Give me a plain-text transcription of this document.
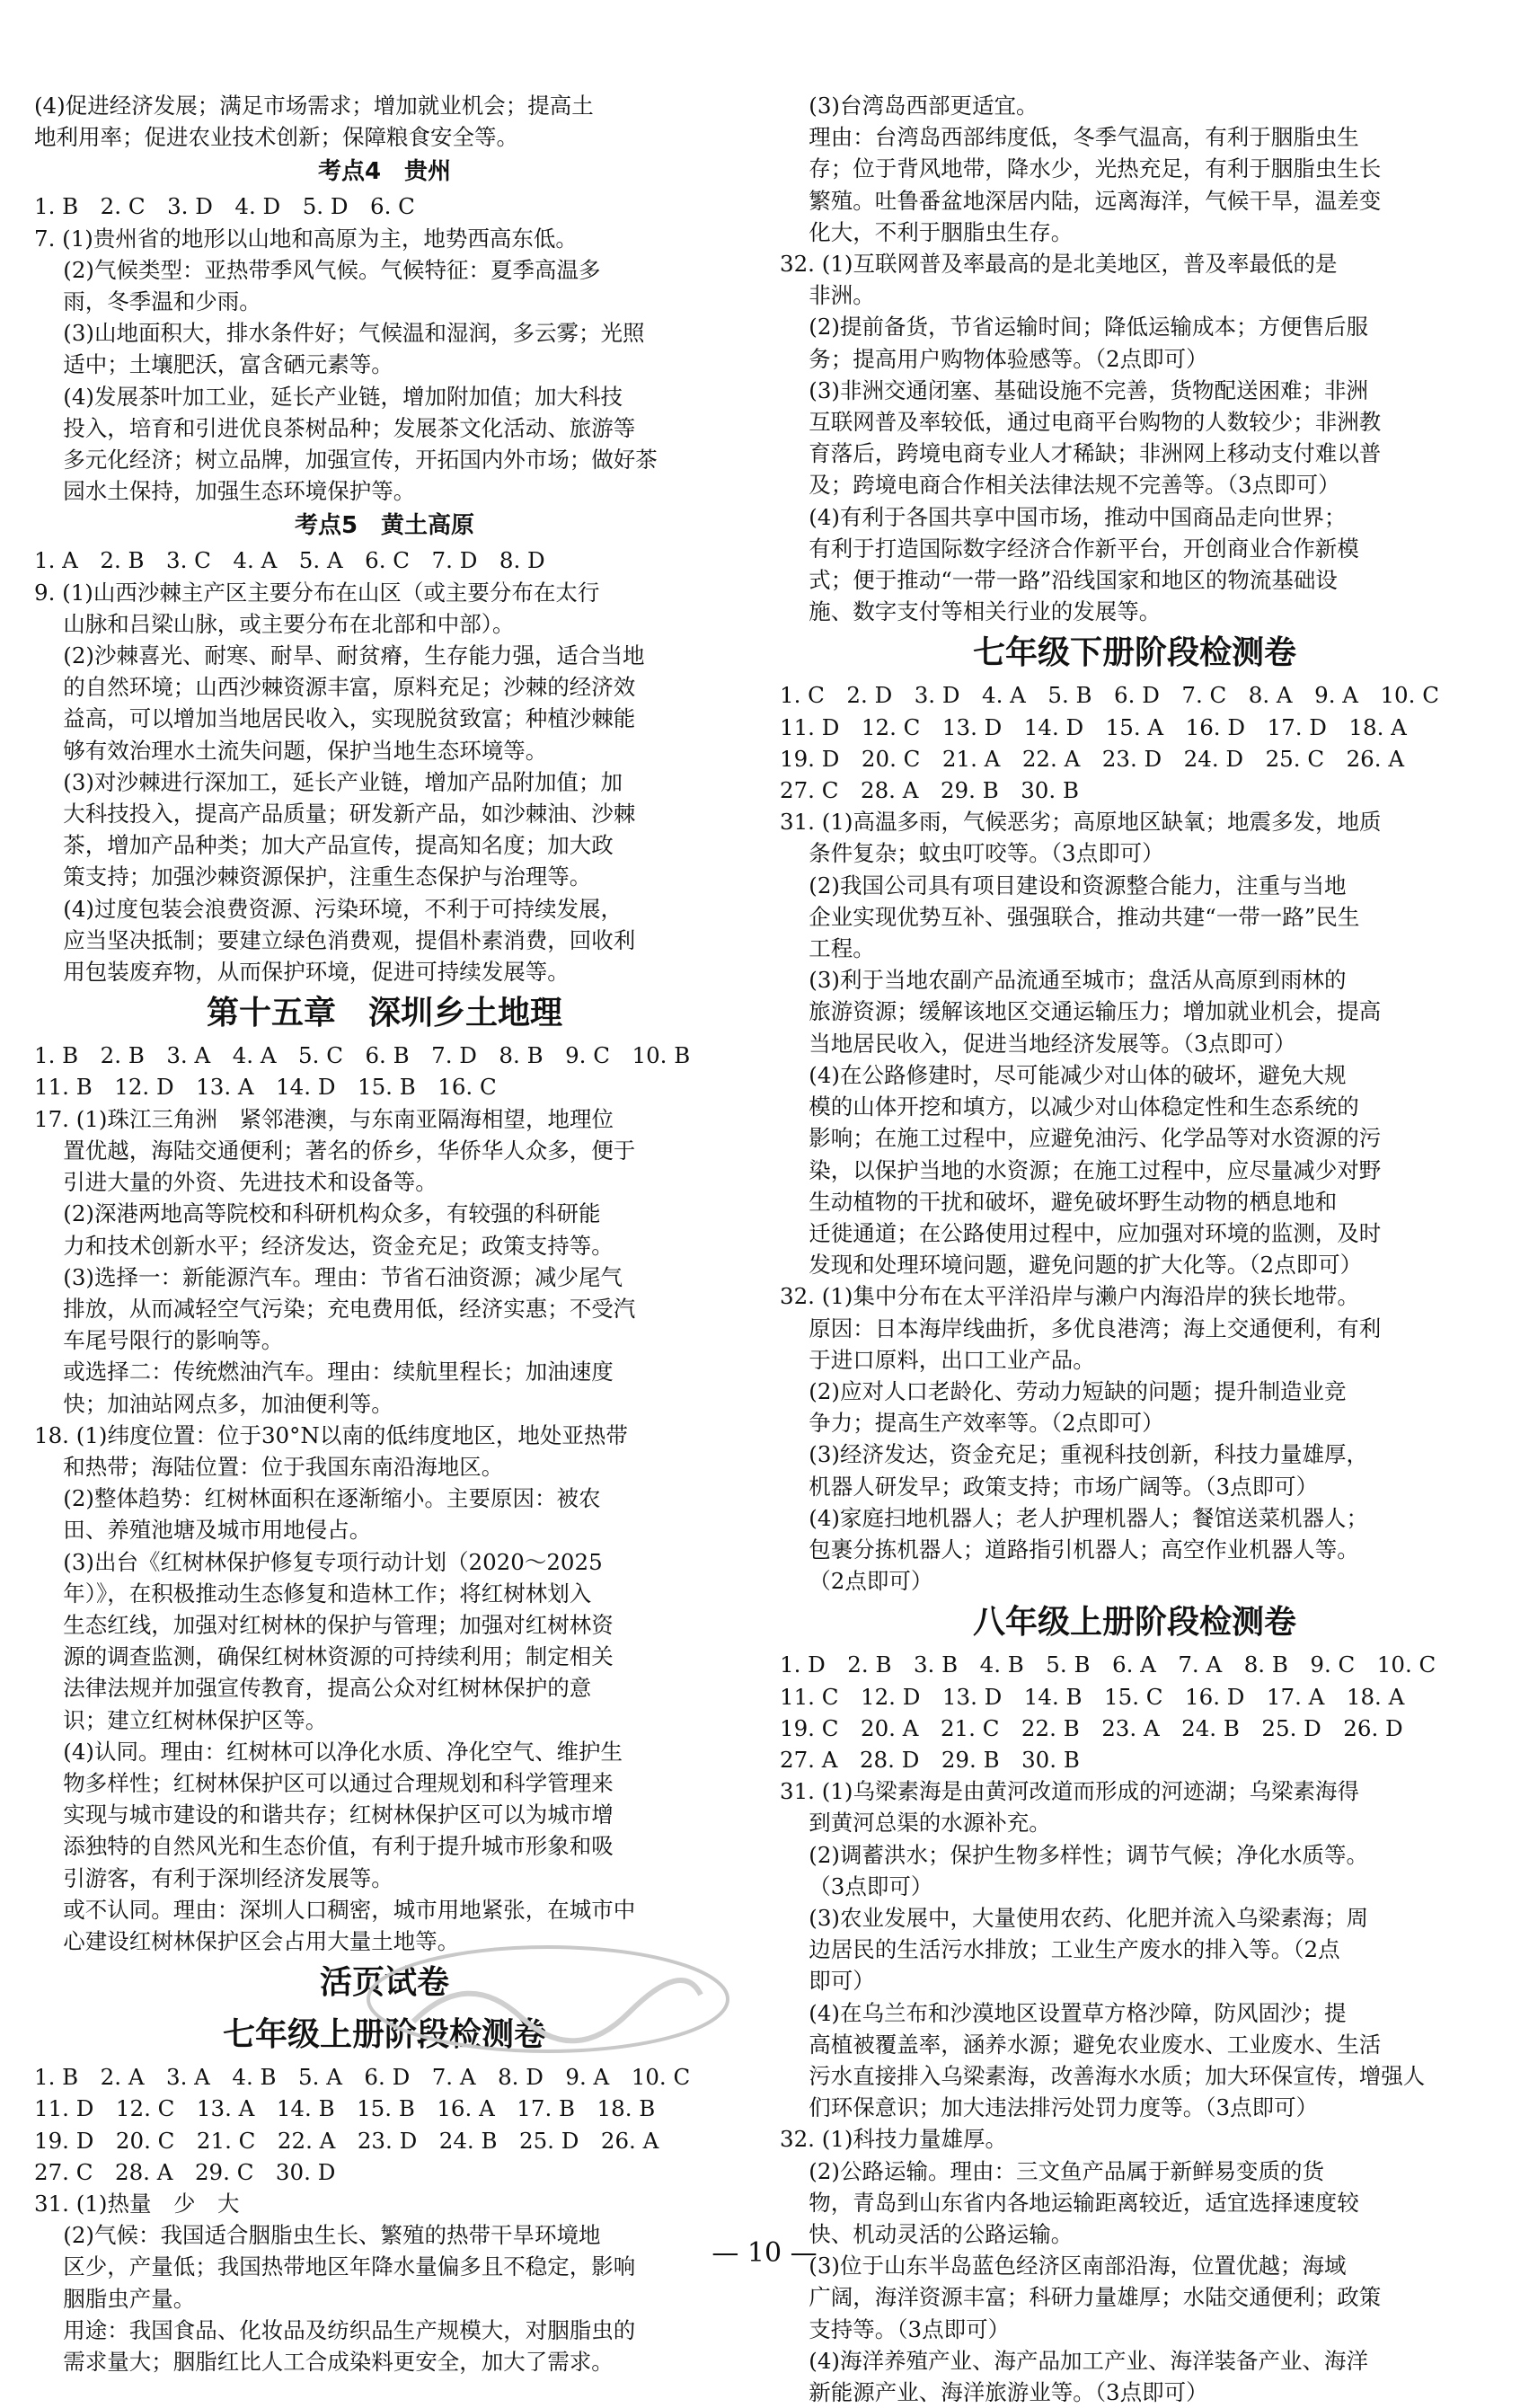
(4)促进经济发展；满足市场需求；增加就业机会；提高土
地利用率；促进农业技术创新；保障粮食安全等。
考点4　贵州
1. B　2. C　3. D　4. D　5. D　6. C
7. (1)贵州省的地形以山地和高原为主，地势西高东低。
　 (2)气候类型：亚热带季风气候。气候特征：夏季高温多
　 雨，冬季温和少雨。
　 (3)山地面积大，排水条件好；气候温和湿润，多云雾；光照
　 适中；土壤肥沃，富含硒元素等。
　 (4)发展茶叶加工业，延长产业链，增加附加值；加大科技
　 投入，培育和引进优良茶树品种；发展茶文化活动、旅游等
　 多元化经济；树立品牌，加强宣传，开拓国内外市场；做好茶
　 园水土保持，加强生态环境保护等。
考点5　黄土高原
1. A　2. B　3. C　4. A　5. A　6. C　7. D　8. D
9. (1)山西沙棘主产区主要分布在山区（或主要分布在太行
　 山脉和吕梁山脉，或主要分布在北部和中部）。
　 (2)沙棘喜光、耐寒、耐旱、耐贫瘠，生存能力强，适合当地
　 的自然环境；山西沙棘资源丰富，原料充足；沙棘的经济效
　 益高，可以增加当地居民收入，实现脱贫致富；种植沙棘能
　 够有效治理水土流失问题，保护当地生态环境等。
　 (3)对沙棘进行深加工，延长产业链，增加产品附加值；加
　 大科技投入，提高产品质量；研发新产品，如沙棘油、沙棘
　 茶，增加产品种类；加大产品宣传，提高知名度；加大政
　 策支持；加强沙棘资源保护，注重生态保护与治理等。
　 (4)过度包装会浪费资源、污染环境，不利于可持续发展，
　 应当坚决抵制；要建立绿色消费观，提倡朴素消费，回收利
　 用包装废弃物，从而保护环境，促进可持续发展等。
第十五章　深圳乡土地理
1. B　2. B　3. A　4. A　5. C　6. B　7. D　8. B　9. C　10. B
11. B　12. D　13. A　14. D　15. B　16. C
17. (1)珠江三角洲　紧邻港澳，与东南亚隔海相望，地理位
　 置优越，海陆交通便利；著名的侨乡，华侨华人众多，便于
　 引进大量的外资、先进技术和设备等。
　 (2)深港两地高等院校和科研机构众多，有较强的科研能
　 力和技术创新水平；经济发达，资金充足；政策支持等。
　 (3)选择一：新能源汽车。理由：节省石油资源；减少尾气
　 排放，从而减轻空气污染；充电费用低，经济实惠；不受汽
　 车尾号限行的影响等。
　 或选择二：传统燃油汽车。理由：续航里程长；加油速度
　 快；加油站网点多，加油便利等。
18. (1)纬度位置：位于30°N以南的低纬度地区，地处亚热带
　 和热带；海陆位置：位于我国东南沿海地区。
　 (2)整体趋势：红树林面积在逐渐缩小。主要原因：被农
　 田、养殖池塘及城市用地侵占。
　 (3)出台《红树林保护修复专项行动计划（2020～2025
　 年）》，在积极推动生态修复和造林工作；将红树林划入
　 生态红线，加强对红树林的保护与管理；加强对红树林资
　 源的调查监测，确保红树林资源的可持续利用；制定相关
　 法律法规并加强宣传教育，提高公众对红树林保护的意
　 识；建立红树林保护区等。
　 (4)认同。理由：红树林可以净化水质、净化空气、维护生
　 物多样性；红树林保护区可以通过合理规划和科学管理来
　 实现与城市建设的和谐共存；红树林保护区可以为城市增
　 添独特的自然风光和生态价值，有利于提升城市形象和吸
　 引游客，有利于深圳经济发展等。
　 或不认同。理由：深圳人口稠密，城市用地紧张，在城市中
　 心建设红树林保护区会占用大量土地等。
活页试卷
七年级上册阶段检测卷
1. B　2. A　3. A　4. B　5. A　6. D　7. A　8. D　9. A　10. C
11. D　12. C　13. A　14. B　15. B　16. A　17. B　18. B
19. D　20. C　21. C　22. A　23. D　24. B　25. D　26. A
27. C　28. A　29. C　30. D
31. (1)热量　少　大
　 (2)气候：我国适合胭脂虫生长、繁殖的热带干旱环境地
　 区少，产量低；我国热带地区年降水量偏多且不稳定，影响
　 胭脂虫产量。
　 用途：我国食品、化妆品及纺织品生产规模大，对胭脂虫的
　 需求量大；胭脂红比人工合成染料更安全，加大了需求。
　 (3)台湾岛西部更适宜。
　 理由：台湾岛西部纬度低，冬季气温高，有利于胭脂虫生
　 存；位于背风地带，降水少，光热充足，有利于胭脂虫生长
　 繁殖。吐鲁番盆地深居内陆，远离海洋，气候干旱，温差变
　 化大，不利于胭脂虫生存。
32. (1)互联网普及率最高的是北美地区，普及率最低的是
　 非洲。
　 (2)提前备货，节省运输时间；降低运输成本；方便售后服
　 务；提高用户购物体验感等。（2点即可）
　 (3)非洲交通闭塞、基础设施不完善，货物配送困难；非洲
　 互联网普及率较低，通过电商平台购物的人数较少；非洲教
　 育落后，跨境电商专业人才稀缺；非洲网上移动支付难以普
　 及；跨境电商合作相关法律法规不完善等。（3点即可）
　 (4)有利于各国共享中国市场，推动中国商品走向世界；
　 有利于打造国际数字经济合作新平台，开创商业合作新模
　 式；便于推动“一带一路”沿线国家和地区的物流基础设
　 施、数字支付等相关行业的发展等。
七年级下册阶段检测卷
1. C　2. D　3. D　4. A　5. B　6. D　7. C　8. A　9. A　10. C
11. D　12. C　13. D　14. D　15. A　16. D　17. D　18. A
19. D　20. C　21. A　22. A　23. D　24. D　25. C　26. A
27. C　28. A　29. B　30. B
31. (1)高温多雨，气候恶劣；高原地区缺氧；地震多发，地质
　 条件复杂；蚊虫叮咬等。（3点即可）
　 (2)我国公司具有项目建设和资源整合能力，注重与当地
　 企业实现优势互补、强强联合，推动共建“一带一路”民生
　 工程。
　 (3)利于当地农副产品流通至城市；盘活从高原到雨林的
　 旅游资源；缓解该地区交通运输压力；增加就业机会，提高
　 当地居民收入，促进当地经济发展等。（3点即可）
　 (4)在公路修建时，尽可能减少对山体的破坏，避免大规
　 模的山体开挖和填方，以减少对山体稳定性和生态系统的
　 影响；在施工过程中，应避免油污、化学品等对水资源的污
　 染，以保护当地的水资源；在施工过程中，应尽量减少对野
　 生动植物的干扰和破坏，避免破坏野生动物的栖息地和
　 迁徙通道；在公路使用过程中，应加强对环境的监测，及时
　 发现和处理环境问题，避免问题的扩大化等。（2点即可）
32. (1)集中分布在太平洋沿岸与濑户内海沿岸的狭长地带。
　 原因：日本海岸线曲折，多优良港湾；海上交通便利，有利
　 于进口原料，出口工业产品。
　 (2)应对人口老龄化、劳动力短缺的问题；提升制造业竞
　 争力；提高生产效率等。（2点即可）
　 (3)经济发达，资金充足；重视科技创新，科技力量雄厚，
　 机器人研发早；政策支持；市场广阔等。（3点即可）
　 (4)家庭扫地机器人；老人护理机器人；餐馆送菜机器人；
　 包裹分拣机器人；道路指引机器人；高空作业机器人等。
　 （2点即可）
八年级上册阶段检测卷
1. D　2. B　3. B　4. B　5. B　6. A　7. A　8. B　9. C　10. C
11. C　12. D　13. D　14. B　15. C　16. D　17. A　18. A
19. C　20. A　21. C　22. B　23. A　24. B　25. D　26. D
27. A　28. D　29. B　30. B
31. (1)乌梁素海是由黄河改道而形成的河迹湖；乌梁素海得
　 到黄河总渠的水源补充。
　 (2)调蓄洪水；保护生物多样性；调节气候；净化水质等。
　 （3点即可）
　 (3)农业发展中，大量使用农药、化肥并流入乌梁素海；周
　 边居民的生活污水排放；工业生产废水的排入等。（2点
　 即可）
　 (4)在乌兰布和沙漠地区设置草方格沙障，防风固沙；提
　 高植被覆盖率，涵养水源；避免农业废水、工业废水、生活
　 污水直接排入乌梁素海，改善海水水质；加大环保宣传，增强人
　 们环保意识；加大违法排污处罚力度等。（3点即可）
32. (1)科技力量雄厚。
　 (2)公路运输。理由：三文鱼产品属于新鲜易变质的货
　 物，青岛到山东省内各地运输距离较近，适宜选择速度较
　 快、机动灵活的公路运输。
　 (3)位于山东半岛蓝色经济区南部沿海，位置优越；海域
　 广阔，海洋资源丰富；科研力量雄厚；水陆交通便利；政策
　 支持等。（3点即可）
　 (4)海洋养殖产业、海产品加工产业、海洋装备产业、海洋
　 新能源产业、海洋旅游业等。（3点即可）
— 10 —
